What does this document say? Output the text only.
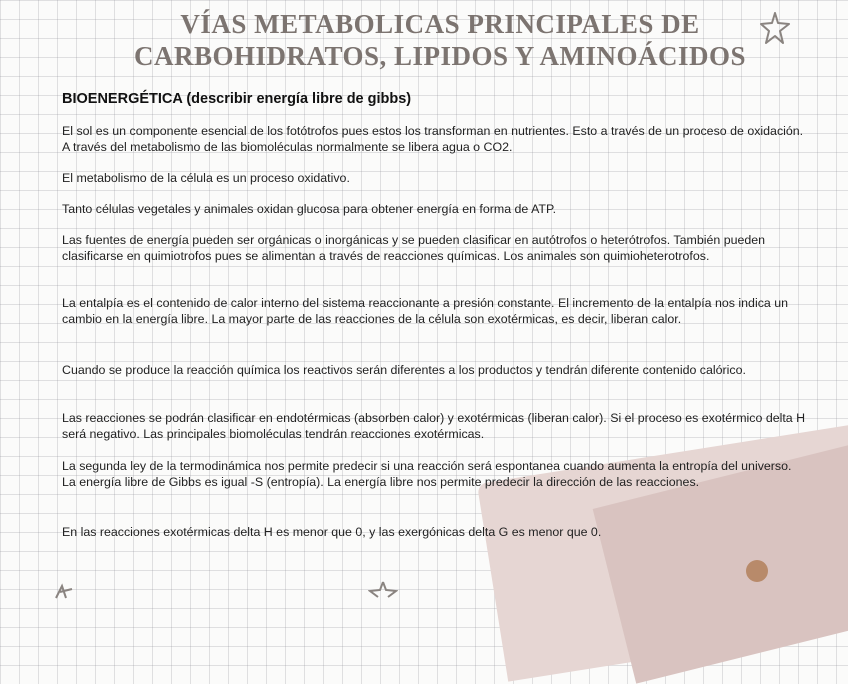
VÍAS METABOLICAS PRINCIPALES DE
CARBOHIDRATOS, LIPIDOS Y AMINOÁCIDOS
BIOENERGÉTICA (describir energía libre de gibbs)
El sol es un componente esencial de los fotótrofos pues estos los transforman en nutrientes. Esto a través de un proceso de oxidación. A través del metabolismo de las biomoléculas normalmente se libera agua o CO2.
El metabolismo de la célula es un proceso oxidativo.
Tanto células vegetales y animales oxidan glucosa para obtener energía en forma de ATP.
Las fuentes de energía pueden ser orgánicas o inorgánicas y se pueden clasificar en autótrofos o heterótrofos. También pueden clasificarse en quimiotrofos pues se alimentan a través de reacciones químicas. Los animales son quimioheterotrofos.
La entalpía es el contenido de calor interno del sistema reaccionante a presión constante. El incremento de la entalpía nos indica un cambio en la energía libre. La mayor parte de las reacciones de la célula son exotérmicas, es decir, liberan calor.
Cuando se produce la reacción química los reactivos serán diferentes a los productos y tendrán diferente contenido calórico.
Las reacciones se podrán clasificar en endotérmicas (absorben calor) y exotérmicas (liberan calor). Si el proceso es exotérmico delta H será negativo. Las principales biomoléculas tendrán reacciones exotérmicas.
La segunda ley de la termodinámica nos permite predecir si una reacción será espontanea cuando aumenta la entropía del universo. La energía libre de Gibbs es igual -S (entropía). La energía libre nos permite predecir la dirección de las reacciones.
En las reacciones exotérmicas delta H es menor que 0, y las exergónicas delta G es menor que 0.
